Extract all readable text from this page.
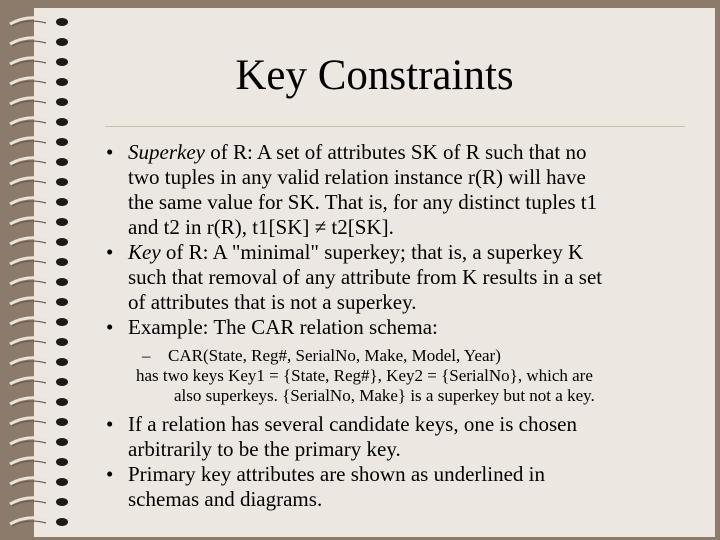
Key Constraints
• Superkey of R: A set of attributes SK of R such that no
two tuples in any valid relation instance r(R) will have
the same value for SK. That is, for any distinct tuples t1
and t2 in r(R), t1[SK] ≠ t2[SK].
• Key of R: A "minimal" superkey; that is, a superkey K
such that removal of any attribute from K results in a set
of attributes that is not a superkey.
• Example: The CAR relation schema:
– CAR(State, Reg#, SerialNo, Make, Model, Year)
has two keys Key1 = {State, Reg#}, Key2 = {SerialNo}, which are
also superkeys. {SerialNo, Make} is a superkey but not a key.
• If a relation has several candidate keys, one is chosen
arbitrarily to be the primary key.
• Primary key attributes are shown as underlined in
schemas and diagrams.
